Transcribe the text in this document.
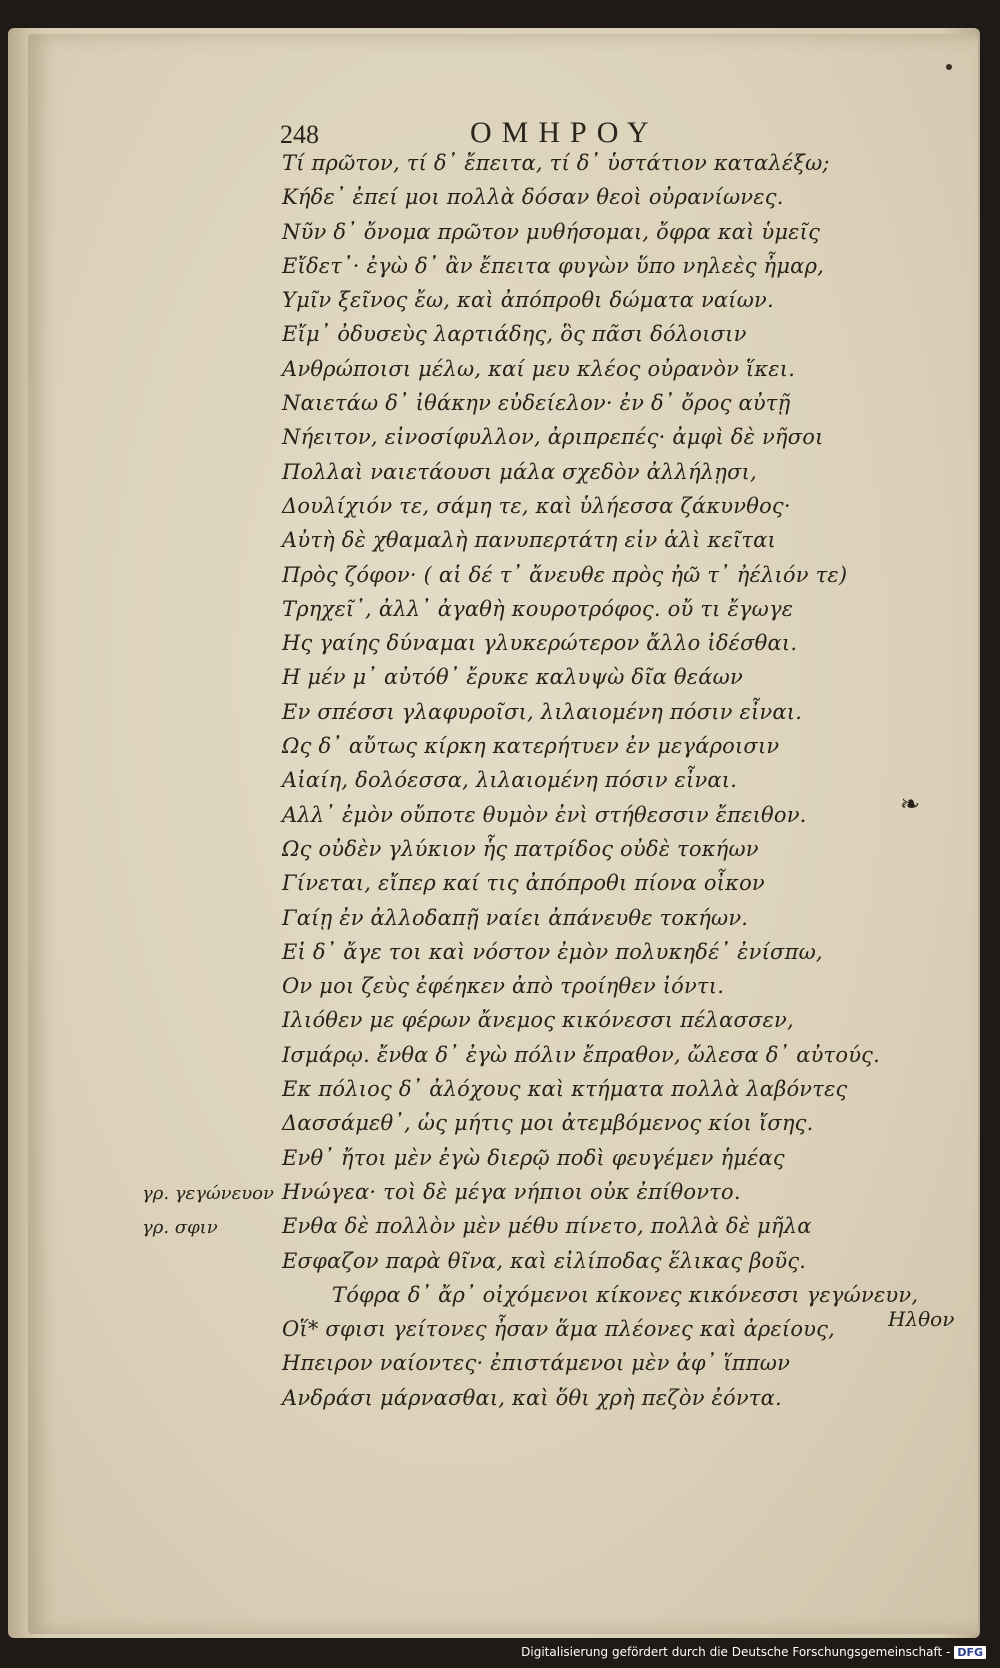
248	ΟΜΗΡΟΥ
Τί πρῶτον, τί δ᾽ ἔπειτα, τί δ᾽ ὑστάτιον καταλέξω;
Κήδε᾽ ἐπεί μοι πολλὰ δόσαν θεοὶ οὐρανίωνες.
Νῦν δ᾽ ὄνομα πρῶτον μυθήσομαι, ὄφρα καὶ ὑμεῖς
Εἴδετ᾽· ἐγὼ δ᾽ ἂν ἔπειτα φυγὼν ὕπο νηλεὲς ἦμαρ,
Υμῖν ξεῖνος ἔω, καὶ ἀπόπροθι δώματα ναίων.
Εἴμ᾽ ὀδυσεὺς λαρτιάδης, ὃς πᾶσι δόλοισιν
Ανθρώποισι μέλω, καί μευ κλέος οὐρανὸν ἵκει.
Ναιετάω δ᾽ ἰθάκην εὐδείελον· ἐν δ᾽ ὄρος αὐτῇ
Νήειτον, εἰνοσίφυλλον, ἀριπρεπές· ἀμφὶ δὲ νῆσοι
Πολλαὶ ναιετάουσι μάλα σχεδὸν ἀλλήλῃσι,
Δουλίχιόν τε, σάμη τε, καὶ ὑλήεσσα ζάκυνθος·
Αὐτὴ δὲ χθαμαλὴ πανυπερτάτη εἰν ἁλὶ κεῖται
Πρὸς ζόφον· ( αἱ δέ τ᾽ ἄνευθε πρὸς ἠῶ τ᾽ ἠέλιόν τε)
Τρηχεῖ᾽, ἀλλ᾽ ἀγαθὴ κουροτρόφος. οὔ τι ἔγωγε
Ης γαίης δύναμαι γλυκερώτερον ἄλλο ἰδέσθαι.
Η μέν μ᾽ αὐτόθ᾽ ἔρυκε καλυψὼ δῖα θεάων
Εν σπέσσι γλαφυροῖσι, λιλαιομένη πόσιν εἶναι.
Ως δ᾽ αὔτως κίρκη κατερήτυεν ἐν μεγάροισιν
Αἰαίη, δολόεσσα, λιλαιομένη πόσιν εἶναι.
Αλλ᾽ ἐμὸν οὔποτε θυμὸν ἐνὶ στήθεσσιν ἔπειθον.
Ως οὐδὲν γλύκιον ἧς πατρίδος οὐδὲ τοκήων
Γίνεται, εἴπερ καί τις ἀπόπροθι πίονα οἶκον
Γαίῃ ἐν ἀλλοδαπῇ ναίει ἀπάνευθε τοκήων.
Εἰ δ᾽ ἄγε τοι καὶ νόστον ἐμὸν πολυκηδέ᾽ ἐνίσπω,
Ον μοι ζεὺς ἐφέηκεν ἀπὸ τροίηθεν ἰόντι.
Ιλιόθεν με φέρων ἄνεμος κικόνεσσι πέλασσεν,
Ισμάρῳ. ἔνθα δ᾽ ἐγὼ πόλιν ἔπραθον, ὤλεσα δ᾽ αὐτούς.
Εκ πόλιος δ᾽ ἀλόχους καὶ κτήματα πολλὰ λαβόντες
Δασσάμεθ᾽, ὡς μήτις μοι ἀτεμβόμενος κίοι ἴσης.
Ενθ᾽ ἤτοι μὲν ἐγὼ διερῷ ποδὶ φευγέμεν ἡμέας
Ηνώγεα· τοὶ δὲ μέγα νήπιοι οὐκ ἐπίθοντο.
Ενθα δὲ πολλὸν μὲν μέθυ πίνετο, πολλὰ δὲ μῆλα
Εσφαζον παρὰ θῖνα, καὶ εἰλίποδας ἕλικας βοῦς.
Τόφρα δ᾽ ἄρ᾽ οἰχόμενοι κίκονες κικόνεσσι γεγώνευν,
Οἵ* σφισι γείτονες ἦσαν ἅμα πλέονες καὶ ἀρείους,
Ηπειρον ναίοντες· ἐπιστάμενοι μὲν ἀφ᾽ ἵππων
Ανδράσι μάρνασθαι, καὶ ὅθι χρὴ πεζὸν ἐόντα.
γρ. γεγώνευον
γρ. σφιν
Ηλθον
❧
Digitalisierung gefördert durch die Deutsche Forschungsgemeinschaft - DFG
